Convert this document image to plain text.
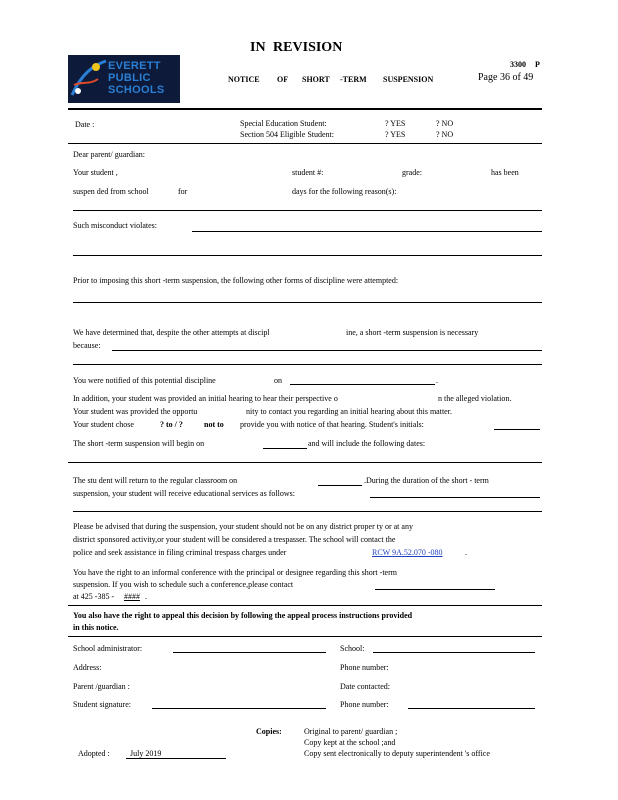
IN REVISION
3300 P
Page 36 of 49
EVERETT
PUBLIC
SCHOOLS
NOTICE OF SHORT -TERM SUSPENSION
Date :	Special Education Student:	? YES	? NO
Section 504 Eligible Student:	? YES	? NO
Dear parent/ guardian:
Your student ,	student #:	grade:	has been
suspen ded from school	for	days for the following reason(s):
Such misconduct violates:
Prior to imposing this short -term suspension, the following other forms of discipline were attempted:
We have determined that, despite the other attempts at discipl	ine, a short -term suspension is necessary
because:
You were notified of this potential discipline	on	.
In addition, your student was provided an initial hearing to hear their perspective o	n the alleged violation.
Your student was provided the opportu	nity to contact you regarding an initial hearing about this matter.
Your student chose	? to / ?	not to provide you with notice of that hearing. Student's initials:
The short -term suspension will begin on	and will include the following dates:
The stu dent will return to the regular classroom on	.During the duration of the short - term
suspension, your student will receive educational services as follows:
Please be advised that during the suspension, your student should not be on any district proper ty or at any
district sponsored activity,or your student will be considered a trespasser. The school will contact the
police and seek assistance in filing criminal trespass charges under	RCW 9A.52.070 -080	.
You have the right to an informal conference with the principal or designee regarding this short -term
suspension. If you wish to schedule such a conference,please contact
at 425 -385 - #### .
You also have the right to appeal this decision by following the appeal process instructions provided
in this notice.
School administrator:	School:
Address:	Phone number:
Parent /guardian :	Date contacted:
Student signature:	Phone number:
Copies:	Original to parent/ guardian ;
Copy kept at the school ;and
Copy sent electronically to deputy superintendent 's office
Adopted :	July 2019
